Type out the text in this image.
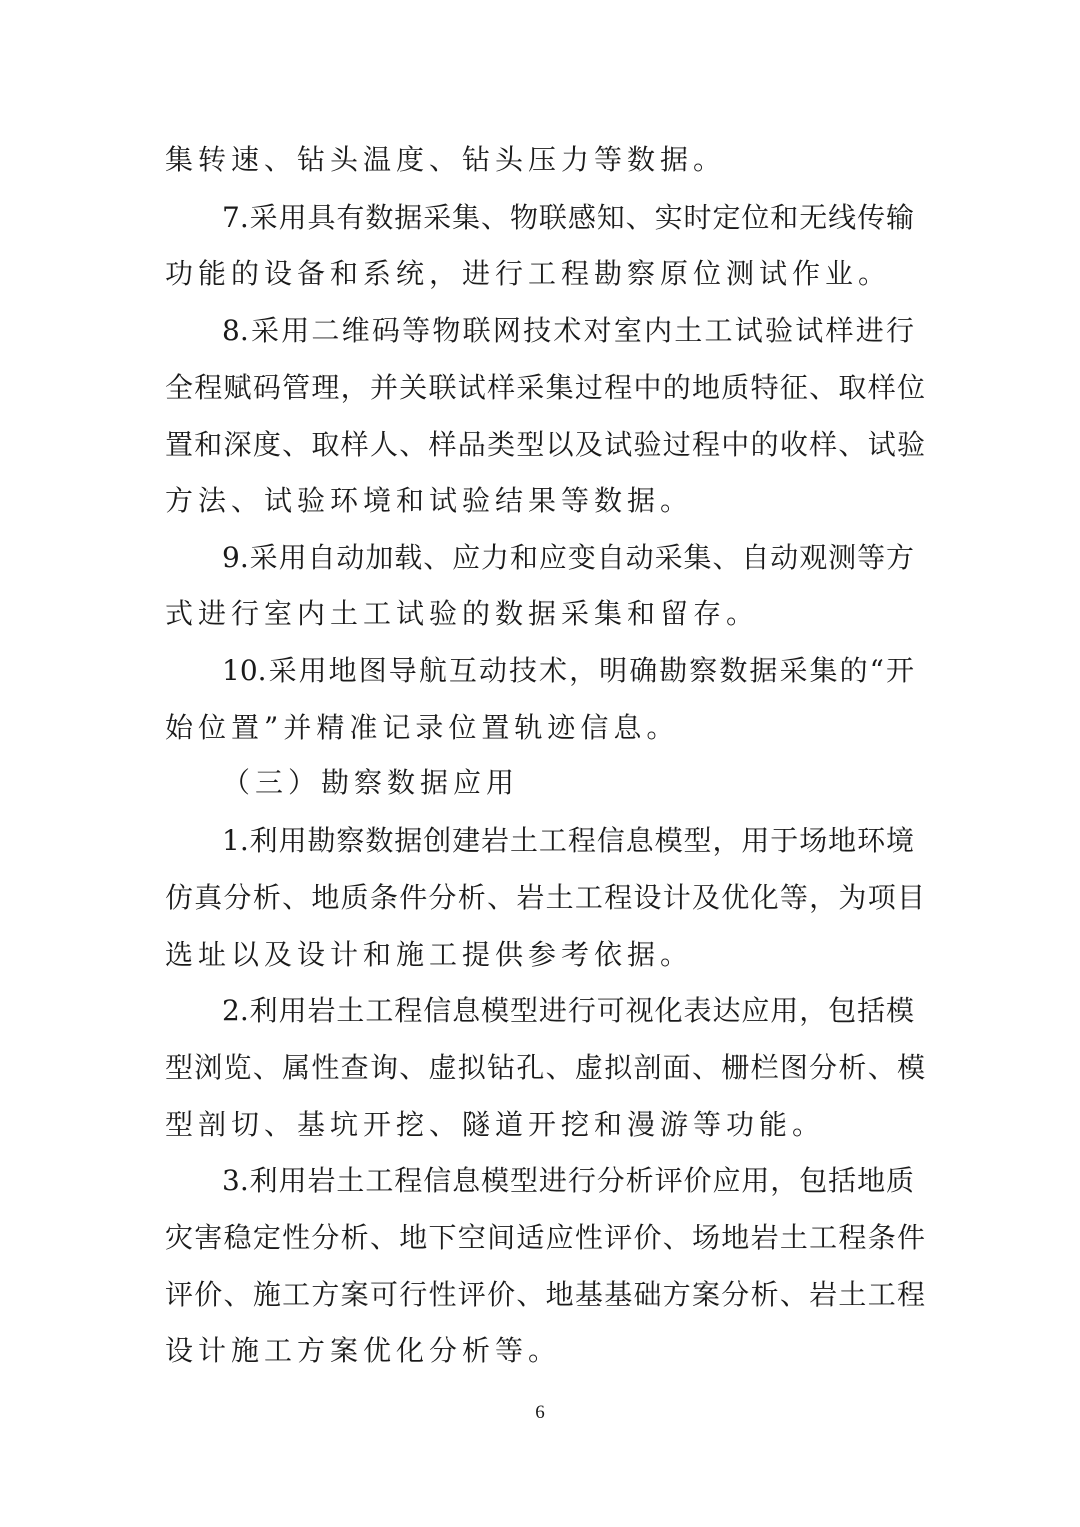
集转速、钻头温度、钻头压力等数据。
7.采用具有数据采集、物联感知、实时定位和无线传输
功能的设备和系统，进行工程勘察原位测试作业。
8.采用二维码等物联网技术对室内土工试验试样进行
全程赋码管理，并关联试样采集过程中的地质特征、取样位
置和深度、取样人、样品类型以及试验过程中的收样、试验
方法、试验环境和试验结果等数据。
9.采用自动加载、应力和应变自动采集、自动观测等方
式进行室内土工试验的数据采集和留存。
10.采用地图导航互动技术，明确勘察数据采集的“开
始位置”并精准记录位置轨迹信息。
（三）勘察数据应用
1.利用勘察数据创建岩土工程信息模型，用于场地环境
仿真分析、地质条件分析、岩土工程设计及优化等，为项目
选址以及设计和施工提供参考依据。
2.利用岩土工程信息模型进行可视化表达应用，包括模
型浏览、属性查询、虚拟钻孔、虚拟剖面、栅栏图分析、模
型剖切、基坑开挖、隧道开挖和漫游等功能。
3.利用岩土工程信息模型进行分析评价应用，包括地质
灾害稳定性分析、地下空间适应性评价、场地岩土工程条件
评价、施工方案可行性评价、地基基础方案分析、岩土工程
设计施工方案优化分析等。
6
